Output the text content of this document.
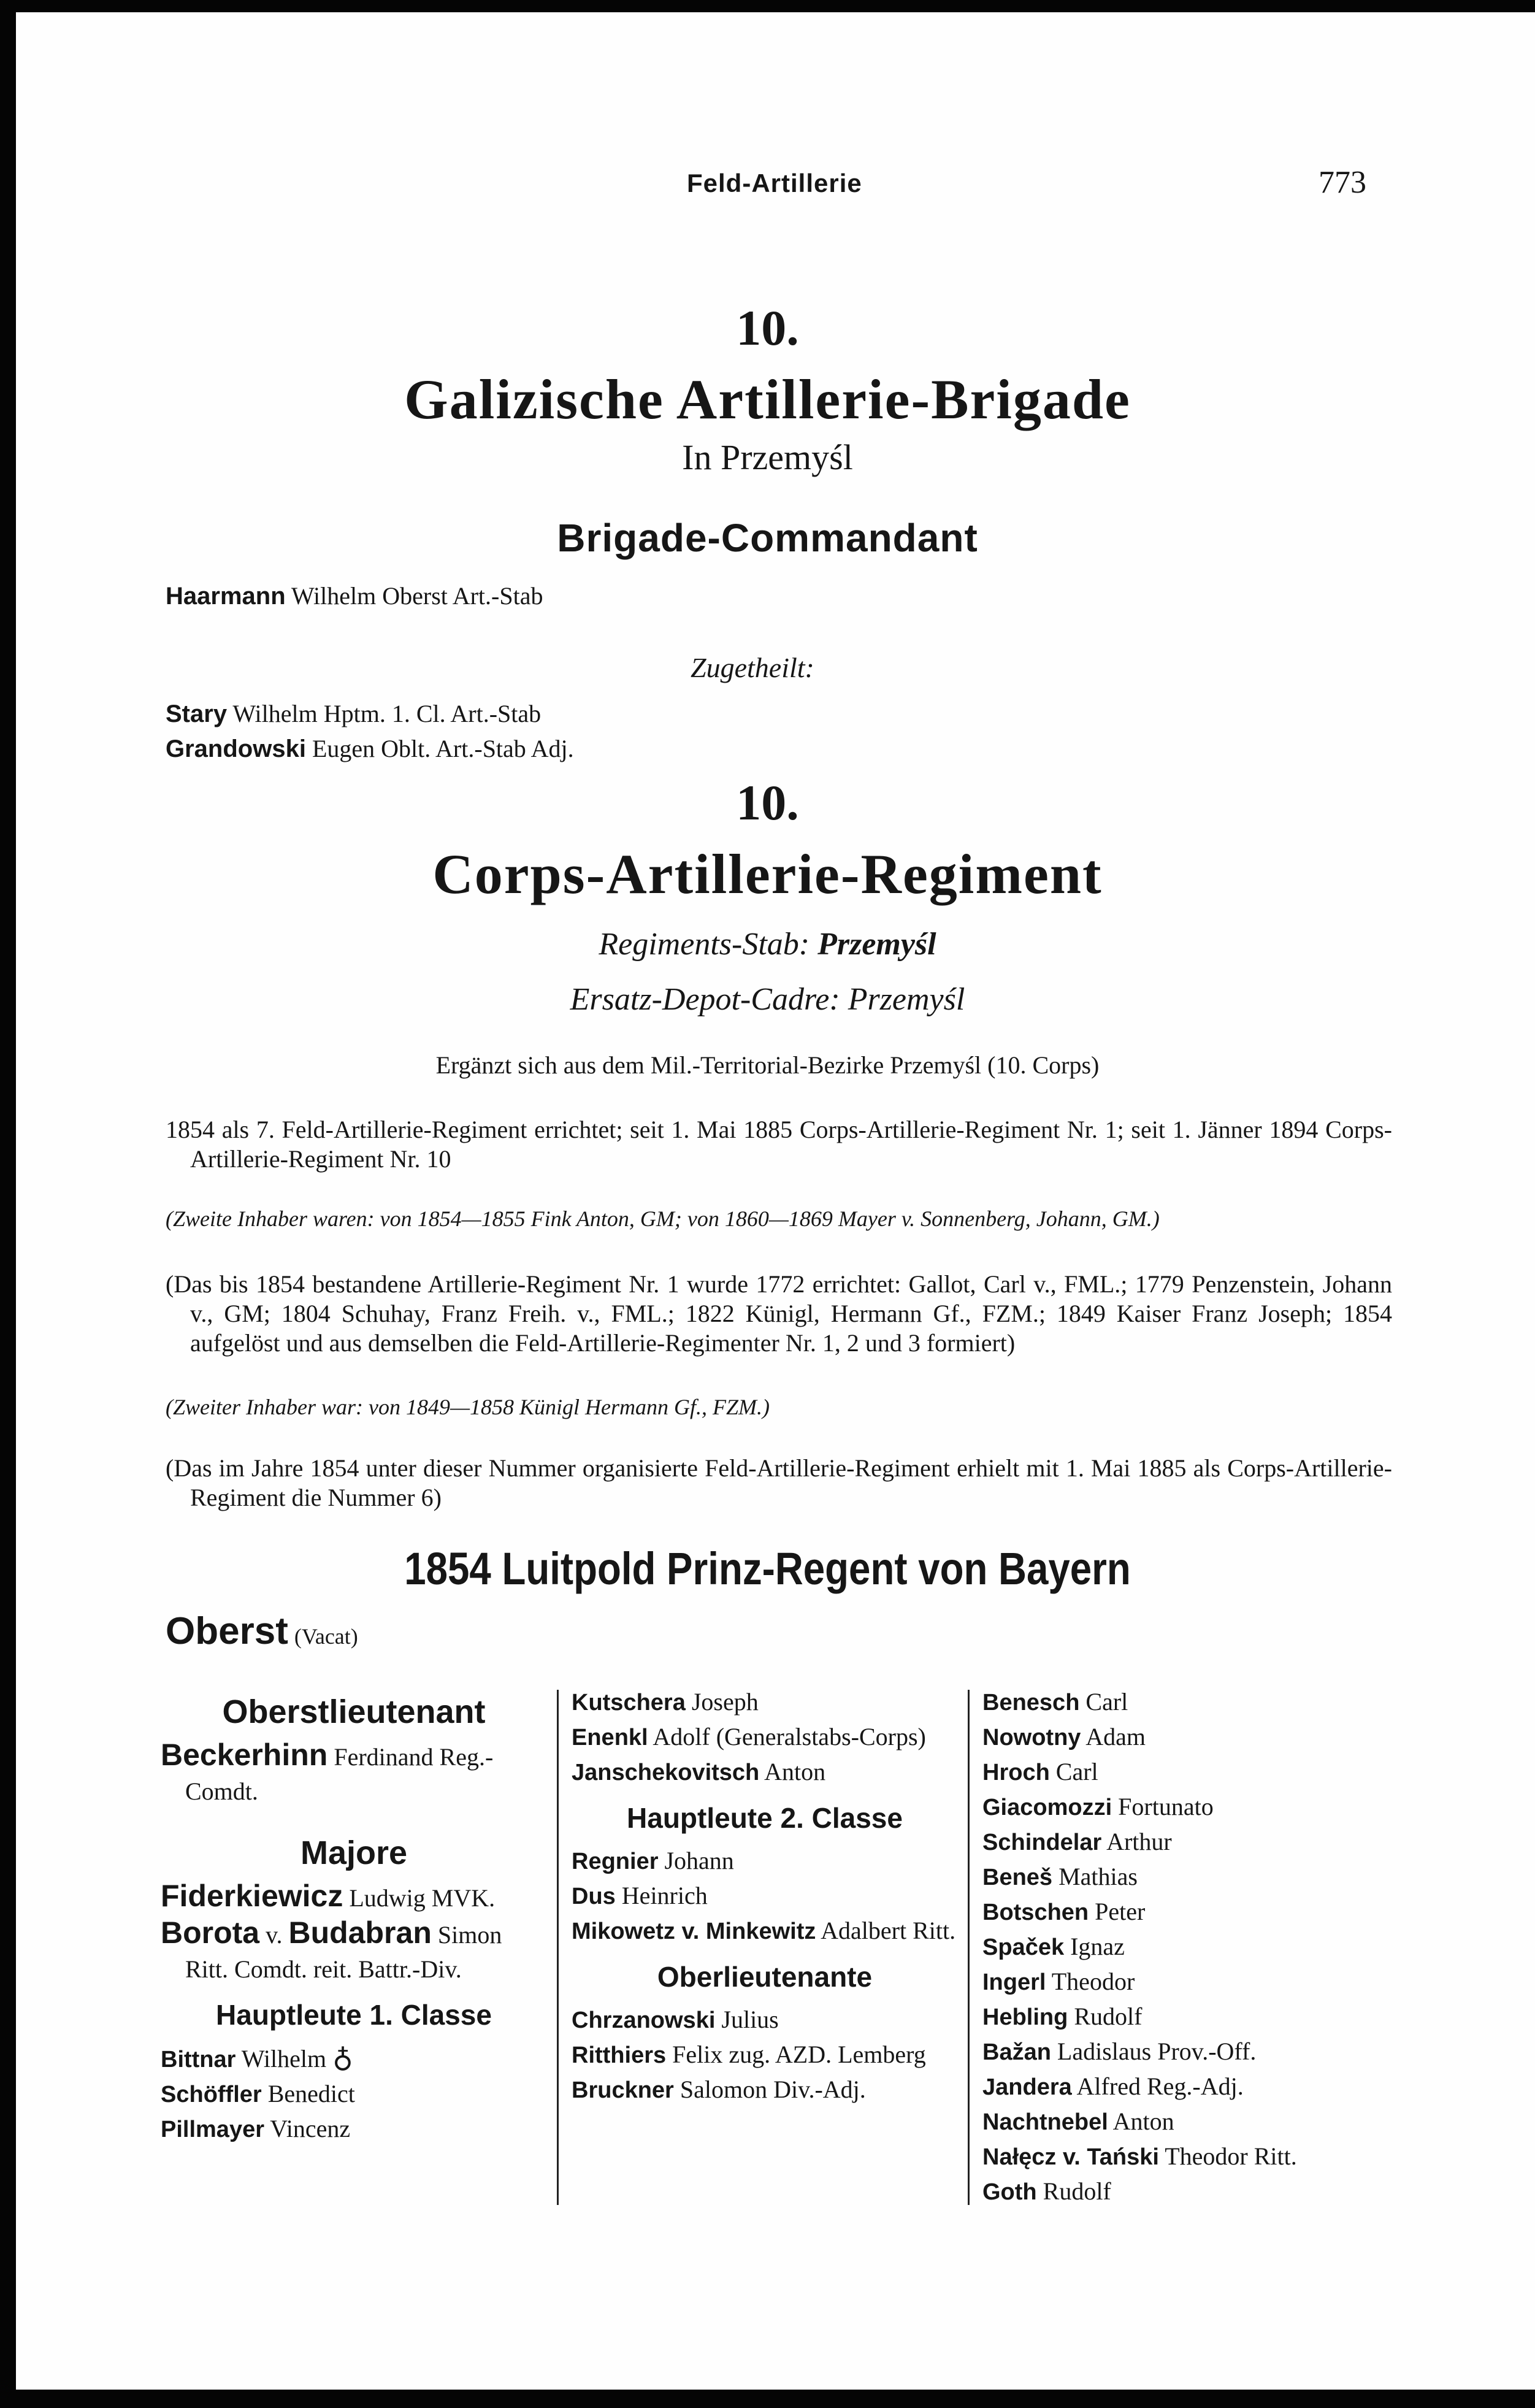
Feld-Artillerie	773
10.
Galizische Artillerie-Brigade
In Przemyśl
Brigade-Commandant
Haarmann Wilhelm Oberst Art.-Stab
Zugetheilt:
Stary Wilhelm Hptm. 1. Cl. Art.-Stab
Grandowski Eugen Oblt. Art.-Stab Adj.
10.
Corps-Artillerie-Regiment
Regiments-Stab: Przemyśl
Ersatz-Depot-Cadre: Przemyśl
Ergänzt sich aus dem Mil.-Territorial-Bezirke Przemyśl (10. Corps)
1854 als 7. Feld-Artillerie-Regiment errichtet; seit 1. Mai 1885 Corps-Artillerie-Regiment Nr. 1; seit 1. Jänner 1894 Corps-Artillerie-Regiment Nr. 10
(Zweite Inhaber waren: von 1854—1855 Fink Anton, GM; von 1860—1869 Mayer v. Sonnenberg, Johann, GM.)
(Das bis 1854 bestandene Artillerie-Regiment Nr. 1 wurde 1772 errichtet: Gallot, Carl v., FML.; 1779 Penzenstein, Johann v., GM; 1804 Schuhay, Franz Freih. v., FML.; 1822 Künigl, Hermann Gf., FZM.; 1849 Kaiser Franz Joseph; 1854 aufgelöst und aus demselben die Feld-Artillerie-Regimenter Nr. 1, 2 und 3 formiert)
(Zweiter Inhaber war: von 1849—1858 Künigl Hermann Gf., FZM.)
(Das im Jahre 1854 unter dieser Nummer organisierte Feld-Artillerie-Regiment erhielt mit 1. Mai 1885 als Corps-Artillerie-Regiment die Nummer 6)
1854 Luitpold Prinz-Regent von Bayern
Oberst (Vacat)
Oberstlieutenant
Beckerhinn Ferdinand Reg.-Comdt.
Majore
Fiderkiewicz Ludwig MVK.
Borota v. Budabran Simon Ritt. Comdt. reit. Battr.-Div.
Hauptleute 1. Classe
Bittnar Wilhelm ♁
Schöffler Benedict
Pillmayer Vincenz
Kutschera Joseph
Enenkl Adolf (Generalstabs-Corps)
Janschekovitsch Anton
Hauptleute 2. Classe
Regnier Johann
Dus Heinrich
Mikowetz v. Minkewitz Adalbert Ritt.
Oberlieutenante
Chrzanowski Julius
Ritthiers Felix zug. AZD. Lemberg
Bruckner Salomon Div.-Adj.
Benesch Carl
Nowotny Adam
Hroch Carl
Giacomozzi Fortunato
Schindelar Arthur
Beneš Mathias
Botschen Peter
Spaček Ignaz
Ingerl Theodor
Hebling Rudolf
Bažan Ladislaus Prov.-Off.
Jandera Alfred Reg.-Adj.
Nachtnebel Anton
Nałęcz v. Tański Theodor Ritt.
Goth Rudolf
